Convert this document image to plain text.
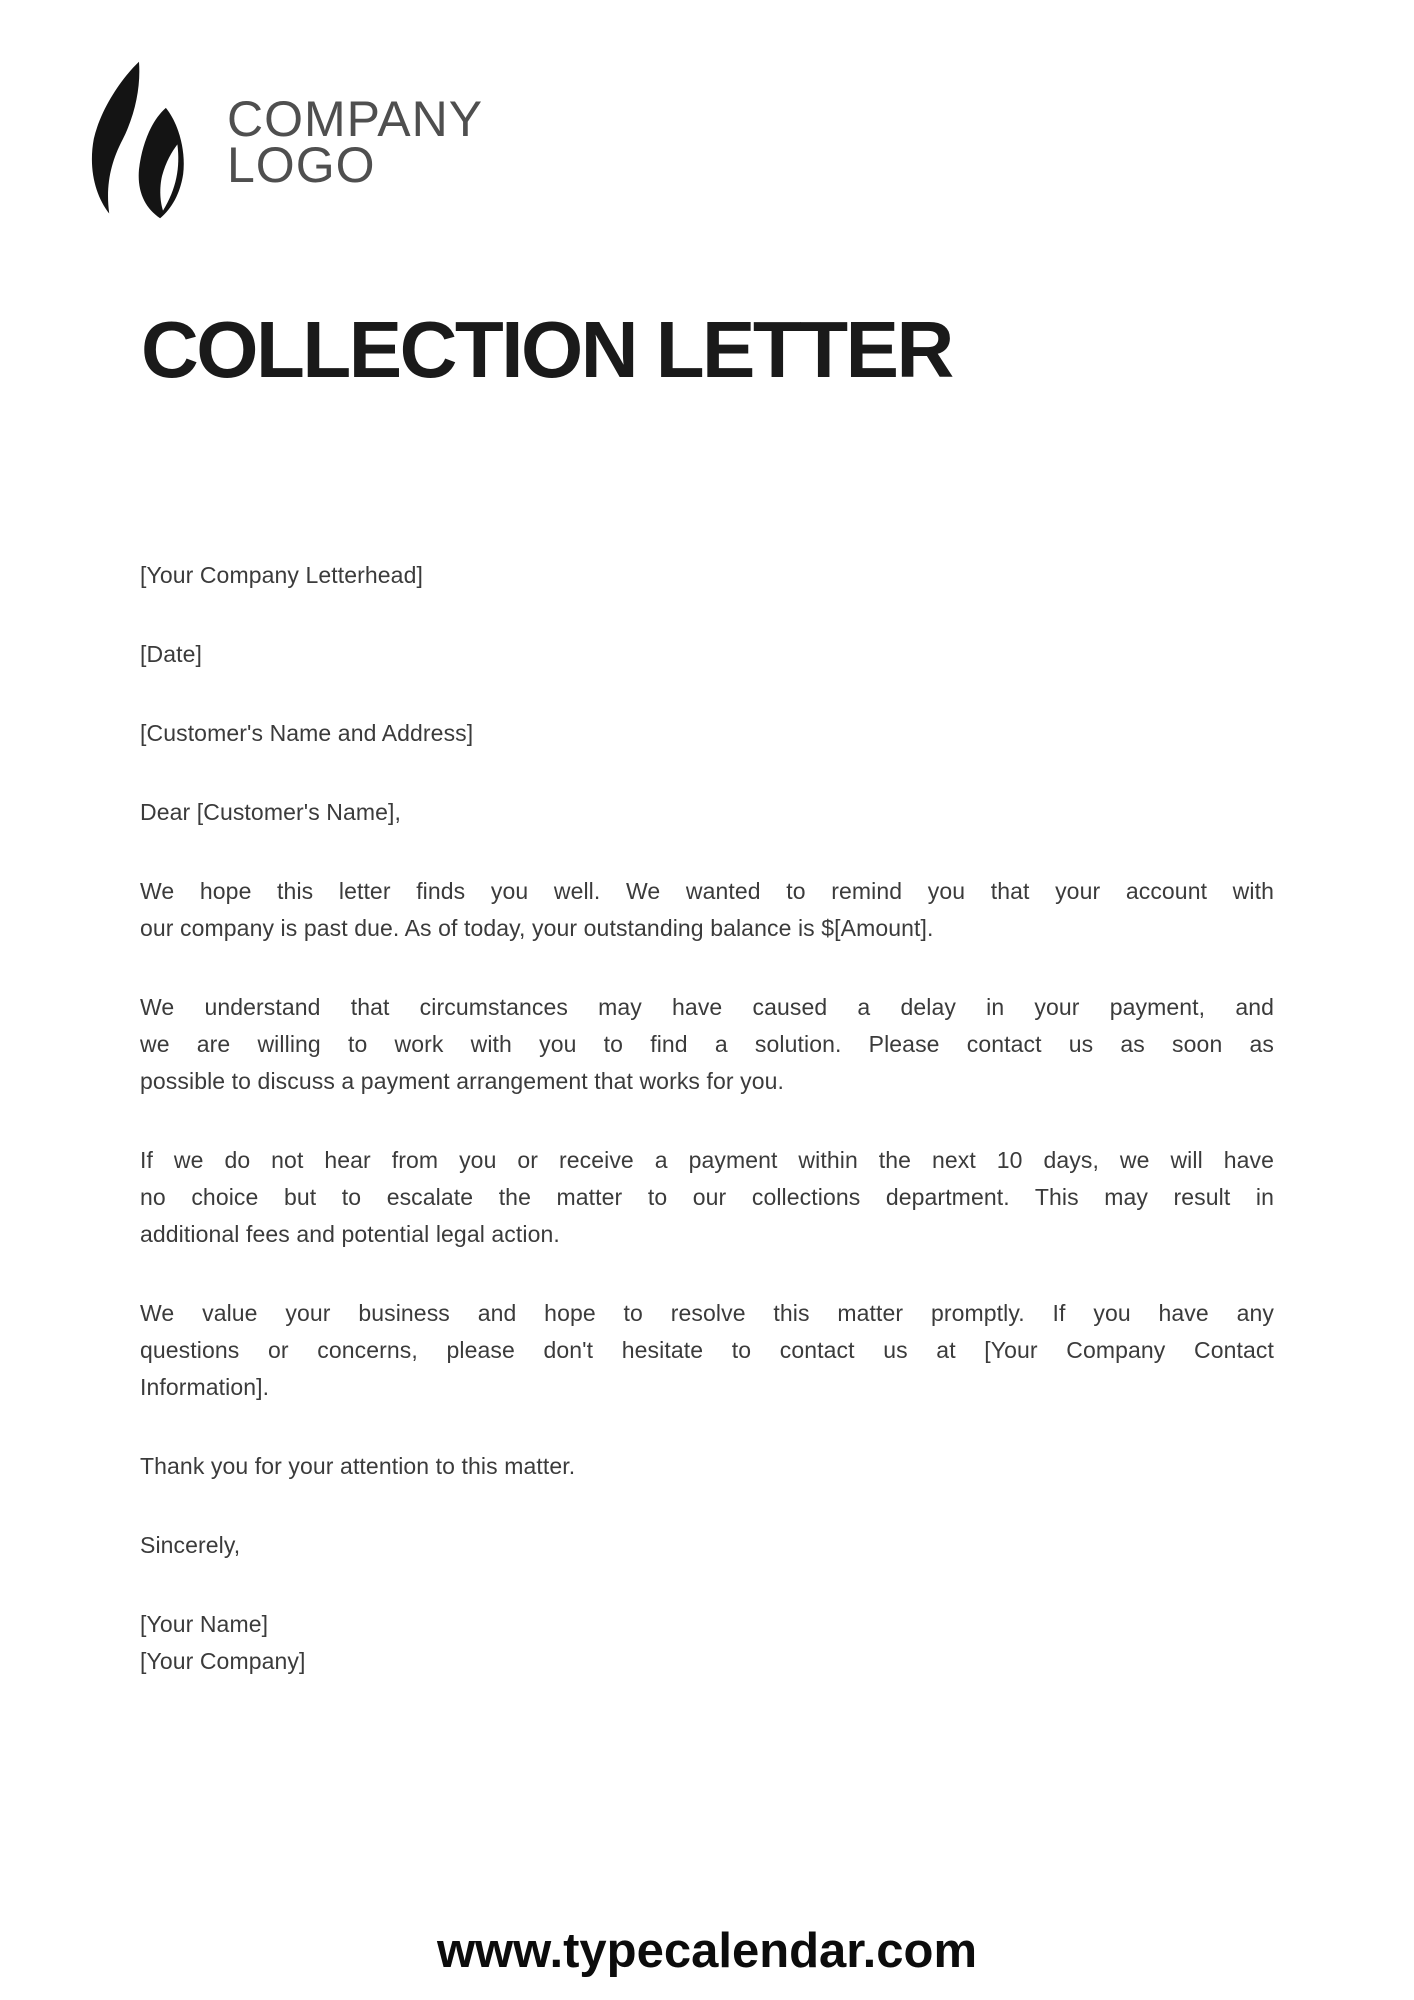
COMPANY
LOGO
COLLECTION LETTER

[Your Company Letterhead]

[Date]

[Customer's Name and Address]

Dear [Customer's Name],

We hope this letter finds you well. We wanted to remind you that your account with
our company is past due. As of today, your outstanding balance is $[Amount].

We understand that circumstances may have caused a delay in your payment, and
we are willing to work with you to find a solution. Please contact us as soon as
possible to discuss a payment arrangement that works for you.

If we do not hear from you or receive a payment within the next 10 days, we will have
no choice but to escalate the matter to our collections department. This may result in
additional fees and potential legal action.

We value your business and hope to resolve this matter promptly. If you have any
questions or concerns, please don't hesitate to contact us at [Your Company Contact
Information].

Thank you for your attention to this matter.

Sincerely,

[Your Name]
[Your Company]

www.typecalendar.com
